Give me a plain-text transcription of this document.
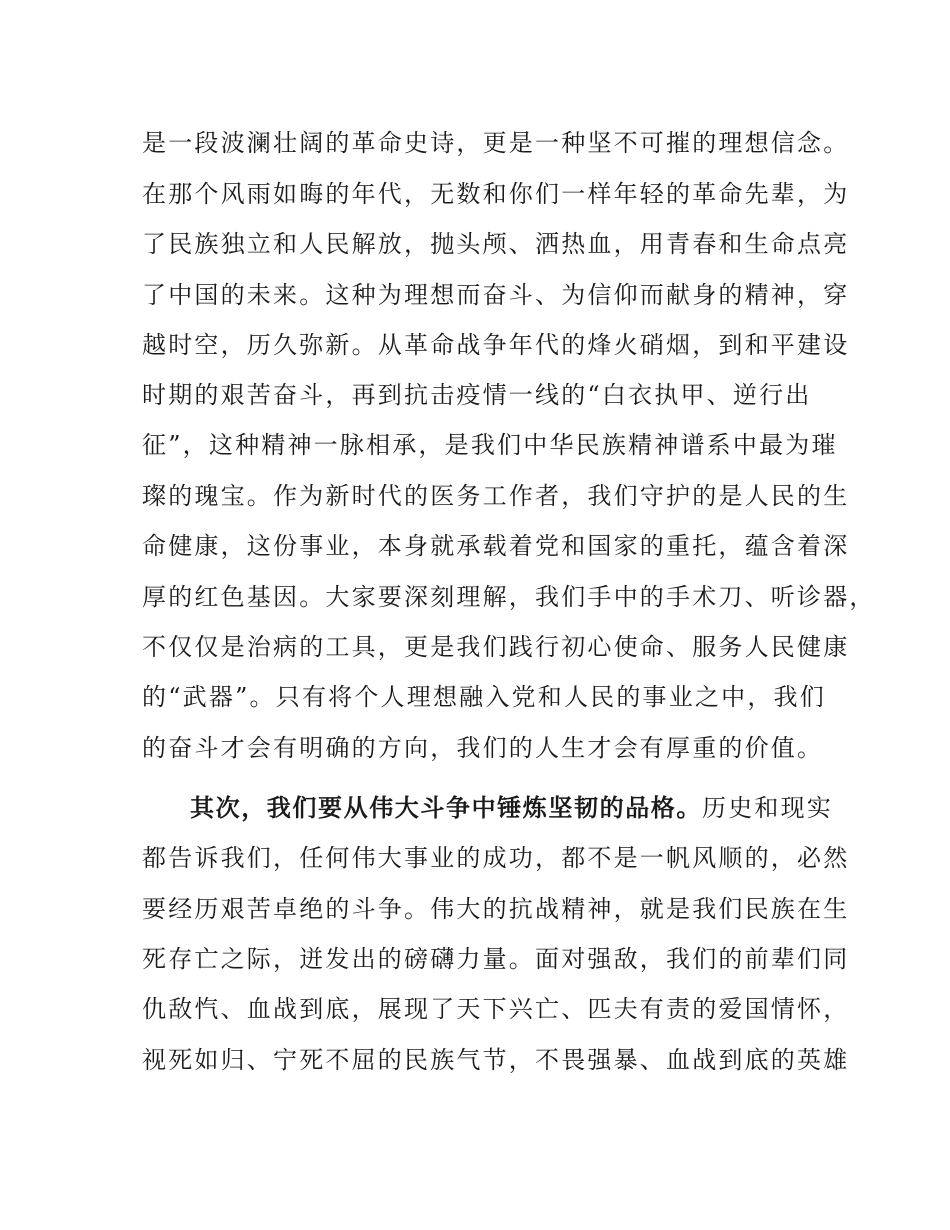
是一段波澜壮阔的革命史诗，更是一种坚不可摧的理想信念。
在那个风雨如晦的年代，无数和你们一样年轻的革命先辈，为
了民族独立和人民解放，抛头颅、洒热血，用青春和生命点亮
了中国的未来。这种为理想而奋斗、为信仰而献身的精神，穿
越时空，历久弥新。从革命战争年代的烽火硝烟，到和平建设
时期的艰苦奋斗，再到抗击疫情一线的“白衣执甲、逆行出
征”，这种精神一脉相承，是我们中华民族精神谱系中最为璀
璨的瑰宝。作为新时代的医务工作者，我们守护的是人民的生
命健康，这份事业，本身就承载着党和国家的重托，蕴含着深
厚的红色基因。大家要深刻理解，我们手中的手术刀、听诊器，
不仅仅是治病的工具，更是我们践行初心使命、服务人民健康
的“武器”。只有将个人理想融入党和人民的事业之中，我们
的奋斗才会有明确的方向，我们的人生才会有厚重的价值。
其次，我们要从伟大斗争中锤炼坚韧的品格。历史和现实
都告诉我们，任何伟大事业的成功，都不是一帆风顺的，必然
要经历艰苦卓绝的斗争。伟大的抗战精神，就是我们民族在生
死存亡之际，迸发出的磅礴力量。面对强敌，我们的前辈们同
仇敌忾、血战到底，展现了天下兴亡、匹夫有责的爱国情怀，
视死如归、宁死不屈的民族气节，不畏强暴、血战到底的英雄
